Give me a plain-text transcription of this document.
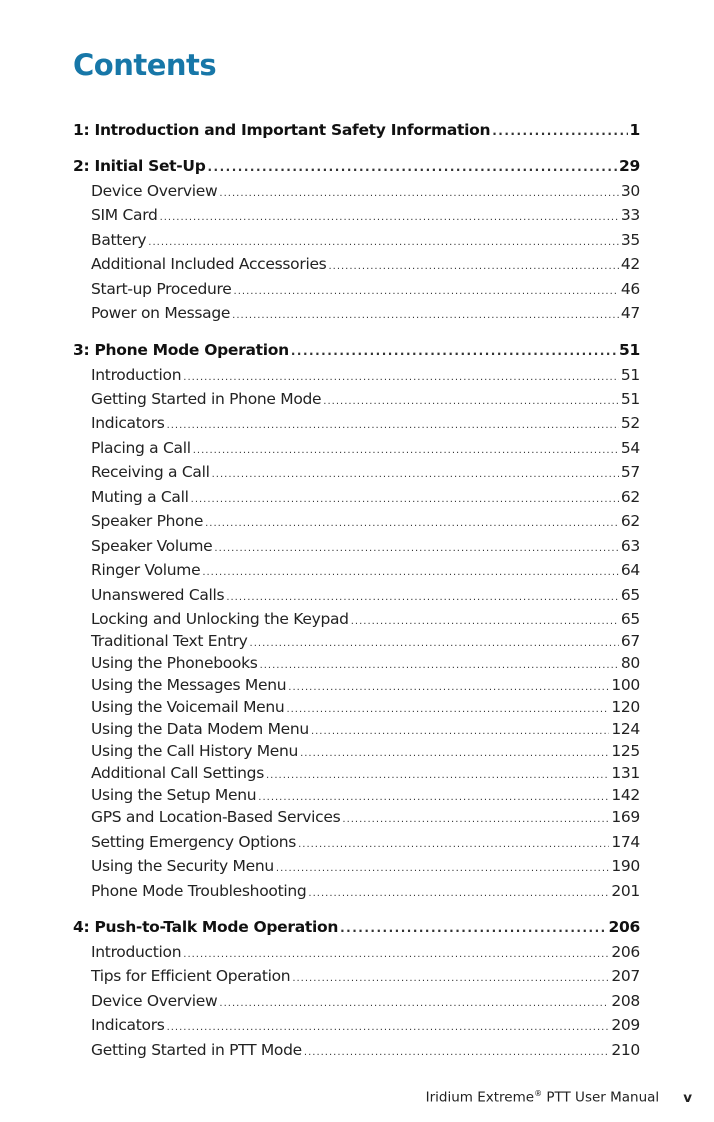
Contents
1: Introduction and Important Safety Information .....	1
2: Initial Set-Up .....	29
Device Overview .....	30
SIM Card .....	33
Battery .....	35
Additional Included Accessories .....	42
Start-up Procedure .....	46
Power on Message .....	47
3: Phone Mode Operation .....	51
Introduction .....	51
Getting Started in Phone Mode .....	51
Indicators .....	52
Placing a Call .....	54
Receiving a Call .....	57
Muting a Call .....	62
Speaker Phone .....	62
Speaker Volume .....	63
Ringer Volume .....	64
Unanswered Calls .....	65
Locking and Unlocking the Keypad .....	65
Traditional Text Entry .....	67
Using the Phonebooks .....	80
Using the Messages Menu .....	100
Using the Voicemail Menu .....	120
Using the Data Modem Menu .....	124
Using the Call History Menu .....	125
Additional Call Settings .....	131
Using the Setup Menu .....	142
GPS and Location-Based Services .....	169
Setting Emergency Options .....	174
Using the Security Menu .....	190
Phone Mode Troubleshooting .....	201
4: Push-to-Talk Mode Operation .....	206
Introduction .....	206
Tips for Efficient Operation .....	207
Device Overview .....	208
Indicators .....	209
Getting Started in PTT Mode .....	210
Iridium Extreme® PTT User Manual v
